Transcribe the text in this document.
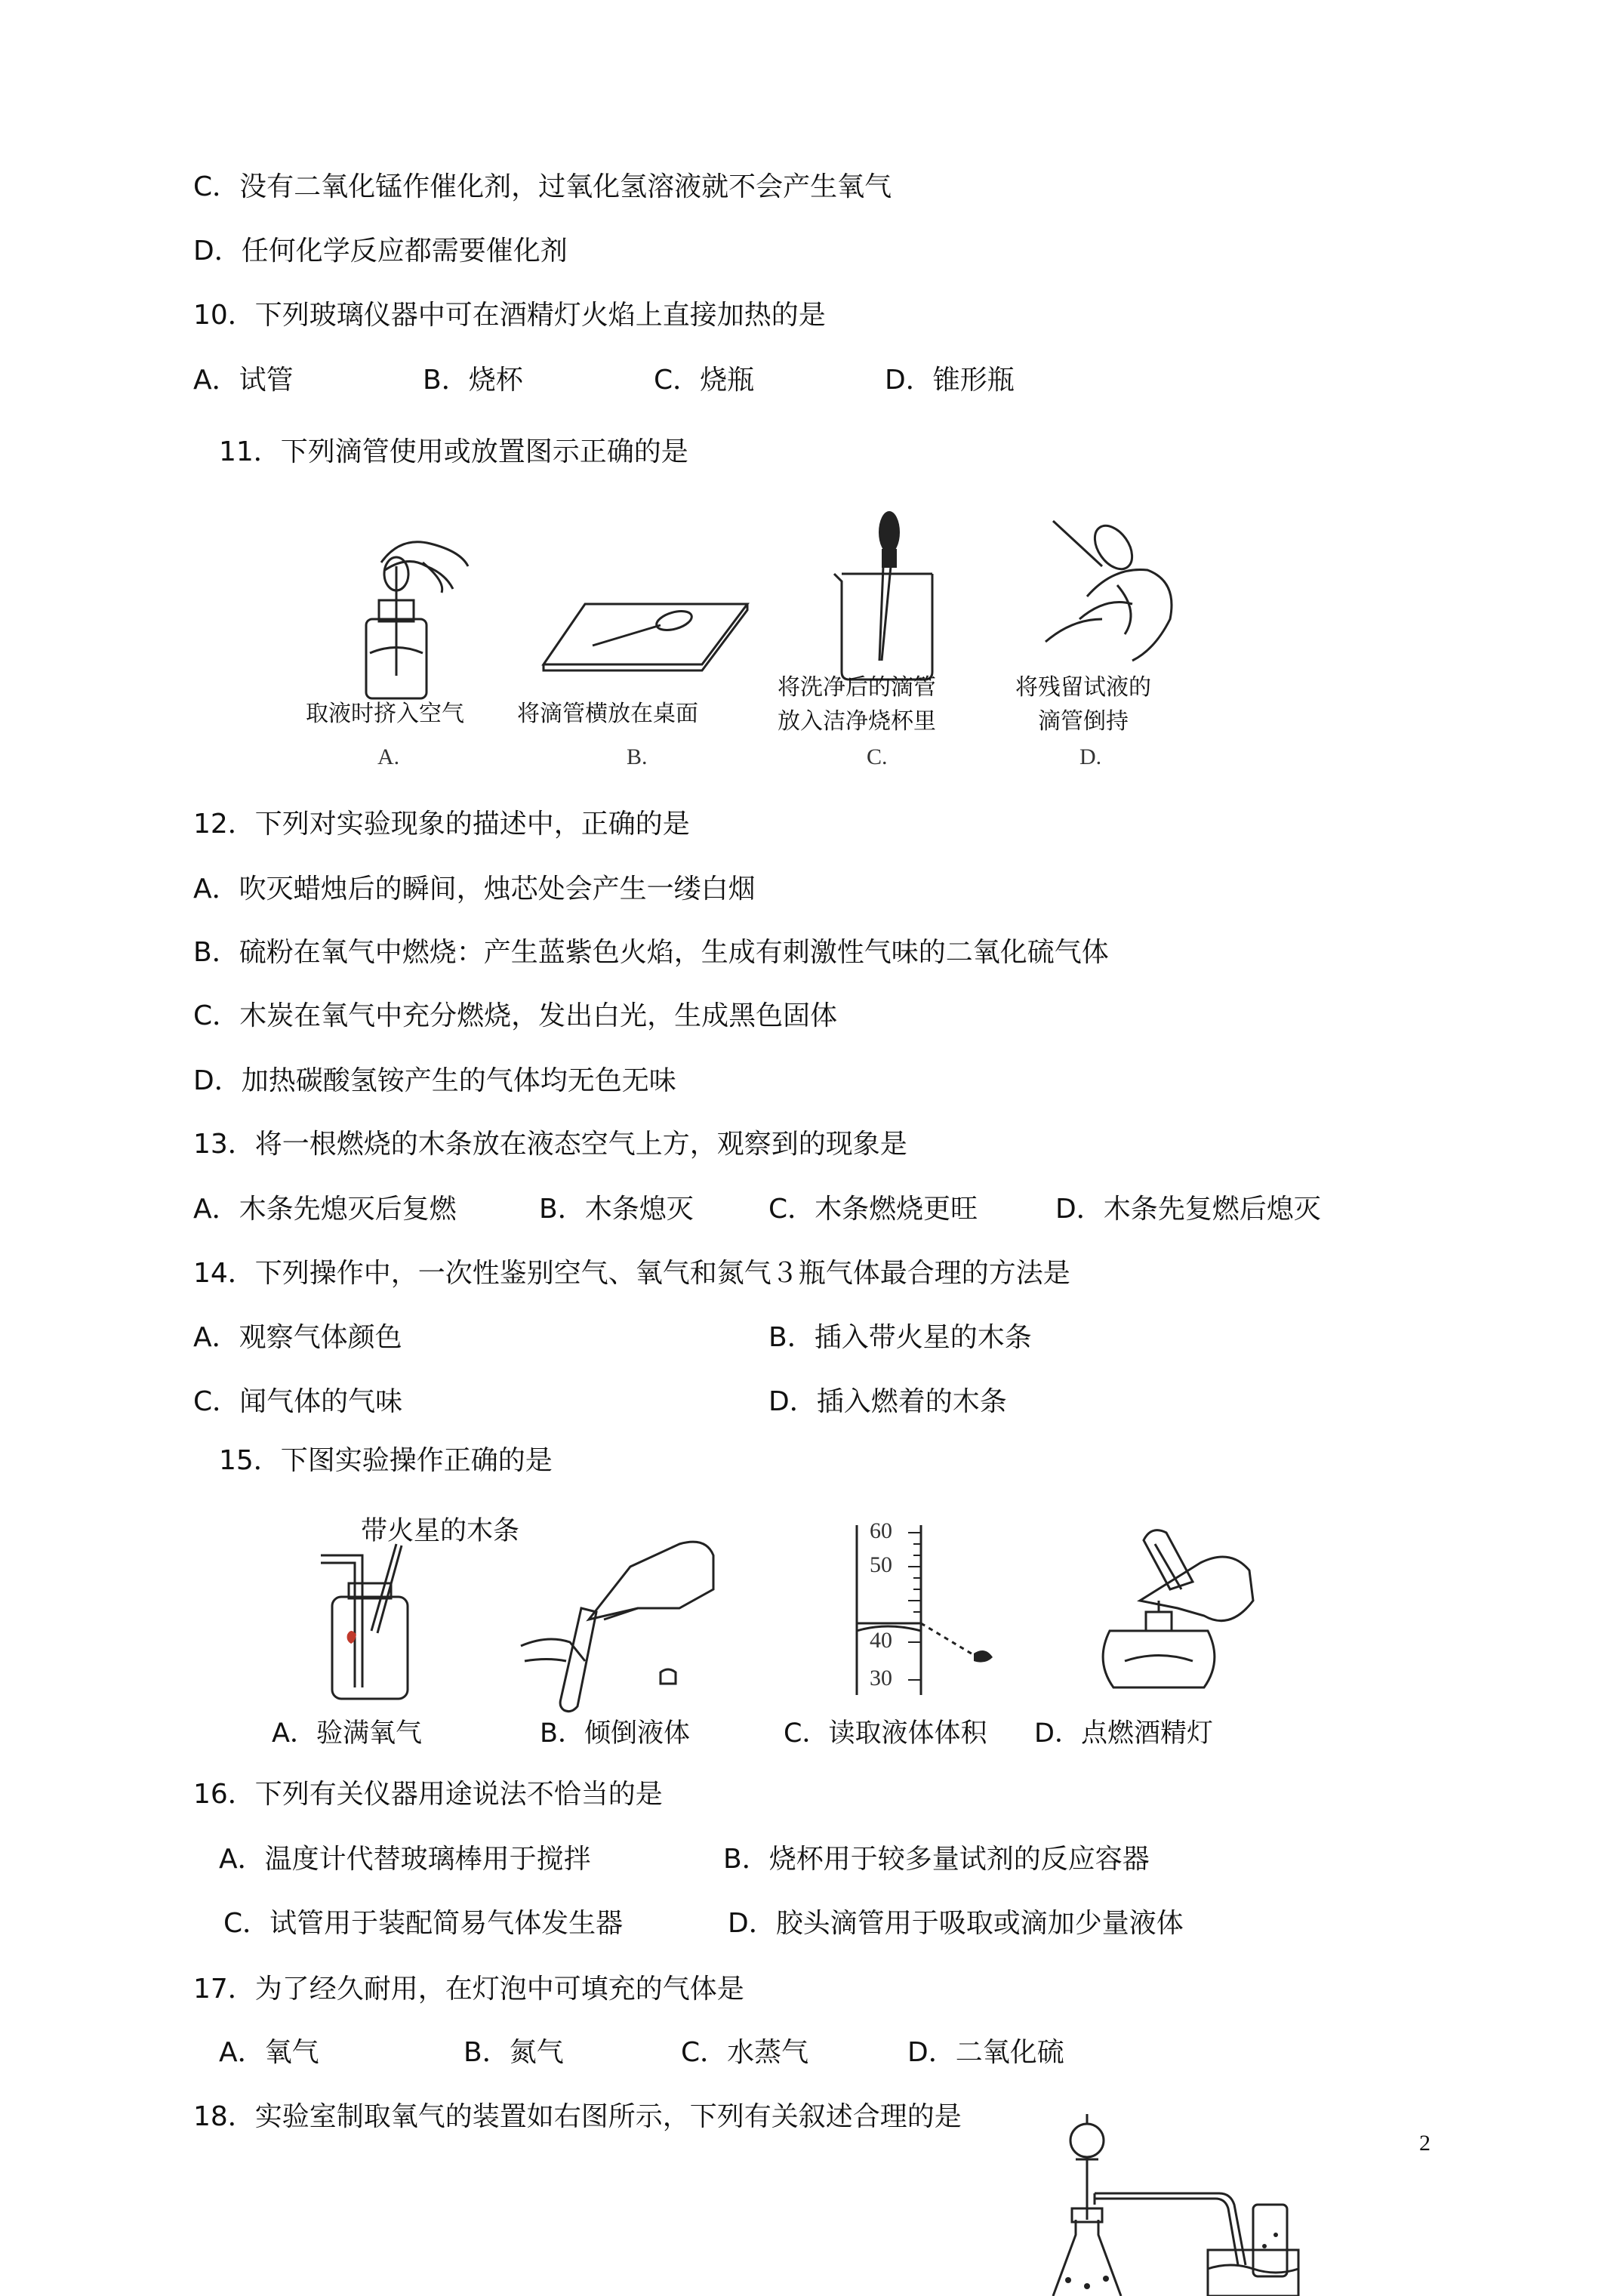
C．没有二氧化锰作催化剂，过氧化氢溶液就不会产生氧气
D．任何化学反应都需要催化剂
10．下列玻璃仪器中可在酒精灯火焰上直接加热的是
A．试管	B．烧杯	C．烧瓶	D．锥形瓶
11．下列滴管使用或放置图示正确的是
取液时挤入空气
A.
将滴管横放在桌面
B.
将洗净后的滴管
放入洁净烧杯里
C.
将残留试液的
滴管倒持
D.
12．下列对实验现象的描述中，正确的是
A．吹灭蜡烛后的瞬间，烛芯处会产生一缕白烟
B．硫粉在氧气中燃烧：产生蓝紫色火焰，生成有刺激性气味的二氧化硫气体
C．木炭在氧气中充分燃烧，发出白光，生成黑色固体
D．加热碳酸氢铵产生的气体均无色无味
13．将一根燃烧的木条放在液态空气上方，观察到的现象是
A．木条先熄灭后复燃	B．木条熄灭	C．木条燃烧更旺	D．木条先复燃后熄灭
14．下列操作中，一次性鉴别空气、氧气和氮气３瓶气体最合理的方法是
A．观察气体颜色	B．插入带火星的木条
C．闻气体的气味	D．插入燃着的木条
15．下图实验操作正确的是
带火星的木条
A．验满氧气	B．倾倒液体
60
50
40
30
C．读取液体体积 D．点燃酒精灯
16．下列有关仪器用途说法不恰当的是
A．温度计代替玻璃棒用于搅拌	B．烧杯用于较多量试剂的反应容器
C．试管用于装配简易气体发生器	D．胶头滴管用于吸取或滴加少量液体
17．为了经久耐用，在灯泡中可填充的气体是
A．氧气	B．氮气	C．水蒸气	D．二氧化硫
18．实验室制取氧气的装置如右图所示，下列有关叙述合理的是
2
